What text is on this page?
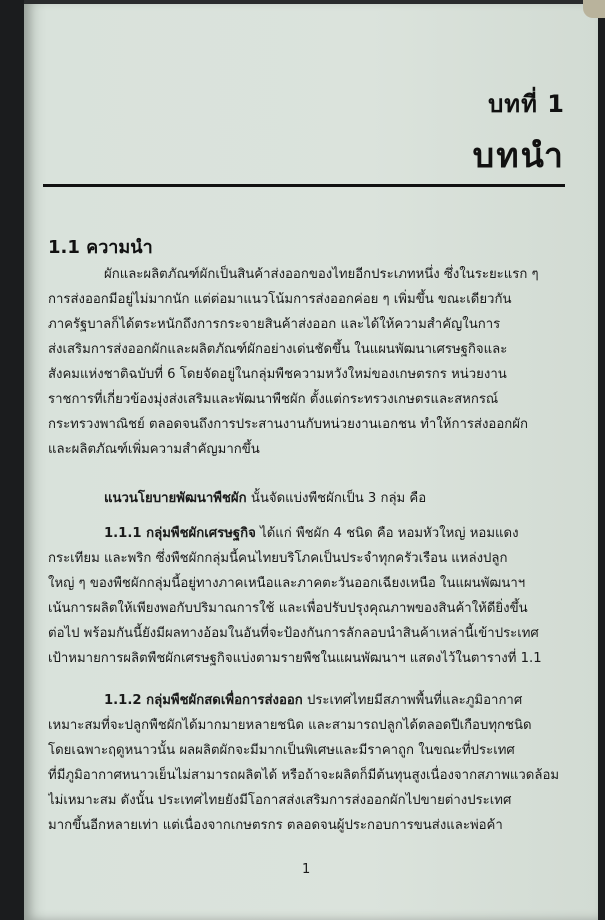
บทที่ 1
บทนำ
1.1 ความนำ
ผักและผลิตภัณฑ์ผักเป็นสินค้าส่งออกของไทยอีกประเภทหนึ่ง ซึ่งในระยะแรก ๆ
การส่งออกมีอยู่ไม่มากนัก แต่ต่อมาแนวโน้มการส่งออกค่อย ๆ เพิ่มขึ้น ขณะเดียวกัน
ภาครัฐบาลก็ได้ตระหนักถึงการกระจายสินค้าส่งออก และได้ให้ความสำคัญในการ
ส่งเสริมการส่งออกผักและผลิตภัณฑ์ผักอย่างเด่นชัดขึ้น ในแผนพัฒนาเศรษฐกิจและ
สังคมแห่งชาติฉบับที่ 6 โดยจัดอยู่ในกลุ่มพืชความหวังใหม่ของเกษตรกร หน่วยงาน
ราชการที่เกี่ยวข้องมุ่งส่งเสริมและพัฒนาพืชผัก ตั้งแต่กระทรวงเกษตรและสหกรณ์
กระทรวงพาณิชย์ ตลอดจนถึงการประสานงานกับหน่วยงานเอกชน ทำให้การส่งออกผัก
และผลิตภัณฑ์เพิ่มความสำคัญมากขึ้น
แนวนโยบายพัฒนาพืชผัก นั้นจัดแบ่งพืชผักเป็น 3 กลุ่ม คือ
1.1.1 กลุ่มพืชผักเศรษฐกิจ ได้แก่ พืชผัก 4 ชนิด คือ หอมหัวใหญ่ หอมแดง
กระเทียม และพริก ซึ่งพืชผักกลุ่มนี้คนไทยบริโภคเป็นประจำทุกครัวเรือน แหล่งปลูก
ใหญ่ ๆ ของพืชผักกลุ่มนี้อยู่ทางภาคเหนือและภาคตะวันออกเฉียงเหนือ ในแผนพัฒนาฯ
เน้นการผลิตให้เพียงพอกับปริมาณการใช้ และเพื่อปรับปรุงคุณภาพของสินค้าให้ดียิ่งขึ้น
ต่อไป พร้อมกันนี้ยังมีผลทางอ้อมในอันที่จะป้องกันการลักลอบนำสินค้าเหล่านี้เข้าประเทศ
เป้าหมายการผลิตพืชผักเศรษฐกิจแบ่งตามรายพืชในแผนพัฒนาฯ แสดงไว้ในตารางที่ 1.1
1.1.2 กลุ่มพืชผักสดเพื่อการส่งออก ประเทศไทยมีสภาพพื้นที่และภูมิอากาศ
เหมาะสมที่จะปลูกพืชผักได้มากมายหลายชนิด และสามารถปลูกได้ตลอดปีเกือบทุกชนิด
โดยเฉพาะฤดูหนาวนั้น ผลผลิตผักจะมีมากเป็นพิเศษและมีราคาถูก ในขณะที่ประเทศ
ที่มีภูมิอากาศหนาวเย็นไม่สามารถผลิตได้ หรือถ้าจะผลิตก็มีต้นทุนสูงเนื่องจากสภาพแวดล้อม
ไม่เหมาะสม ดังนั้น ประเทศไทยยังมีโอกาสส่งเสริมการส่งออกผักไปขายต่างประเทศ
มากขึ้นอีกหลายเท่า แต่เนื่องจากเกษตรกร ตลอดจนผู้ประกอบการขนส่งและพ่อค้า
1
